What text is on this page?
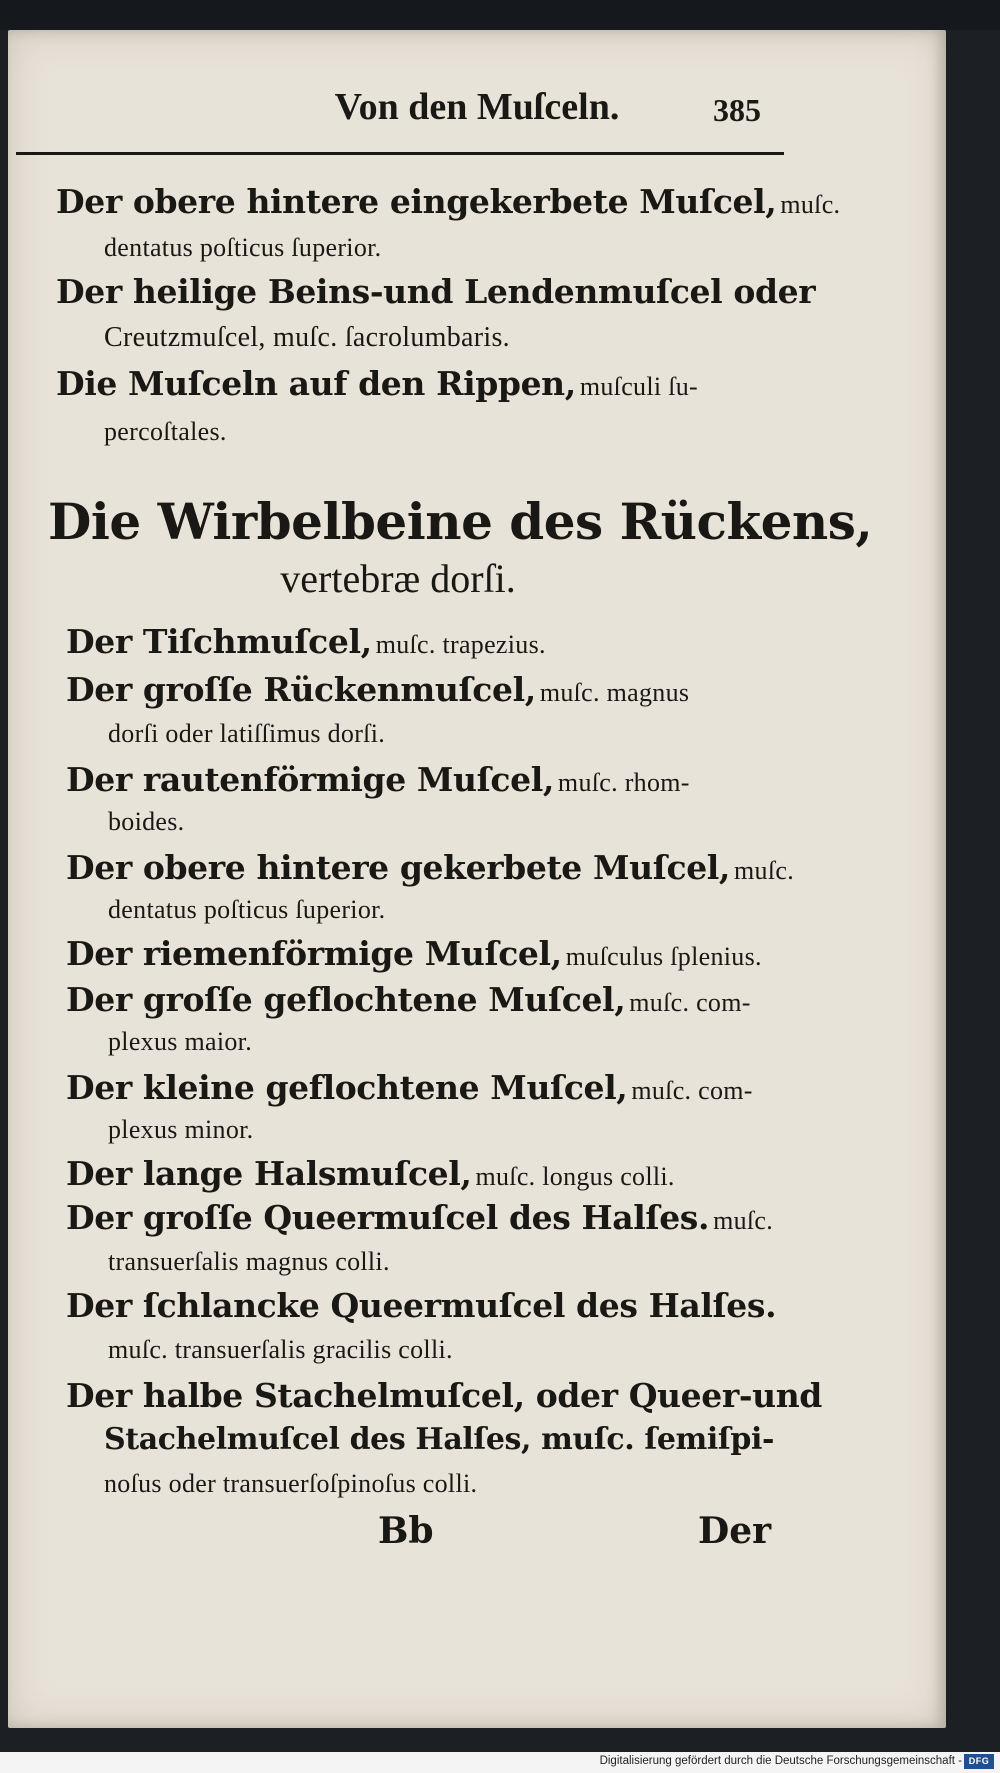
Von den Muſceln.	385
Der obere hintere eingekerbete Muſcel, muſc.
dentatus poſticus ſuperior.
Der heilige Beins-und Lendenmuſcel oder
Creutzmuſcel, muſc. ſacrolumbaris.
Die Muſceln auf den Rippen, muſculi ſu-
percoſtales.
Die Wirbelbeine des Rückens,
vertebræ dorſi.
Der Tiſchmuſcel, muſc. trapezius.
Der groſſe Rückenmuſcel, muſc. magnus
dorſi oder latiſſimus dorſi.
Der rautenförmige Muſcel, muſc. rhom-
boides.
Der obere hintere gekerbete Muſcel, muſc.
dentatus poſticus ſuperior.
Der riemenförmige Muſcel, muſculus ſplenius.
Der groſſe geflochtene Muſcel, muſc. com-
plexus maior.
Der kleine geflochtene Muſcel, muſc. com-
plexus minor.
Der lange Halsmuſcel, muſc. longus colli.
Der groſſe Queermuſcel des Halſes. muſc.
transuerſalis magnus colli.
Der ſchlancke Queermuſcel des Halſes.
muſc. transuerſalis gracilis colli.
Der halbe Stachelmuſcel, oder Queer-und
Stachelmuſcel des Halſes, muſc. ſemiſpi-
noſus oder transuerſoſpinoſus colli.
Bb	Der
Digitalisierung gefördert durch die Deutsche Forschungsgemeinschaft - DFG
